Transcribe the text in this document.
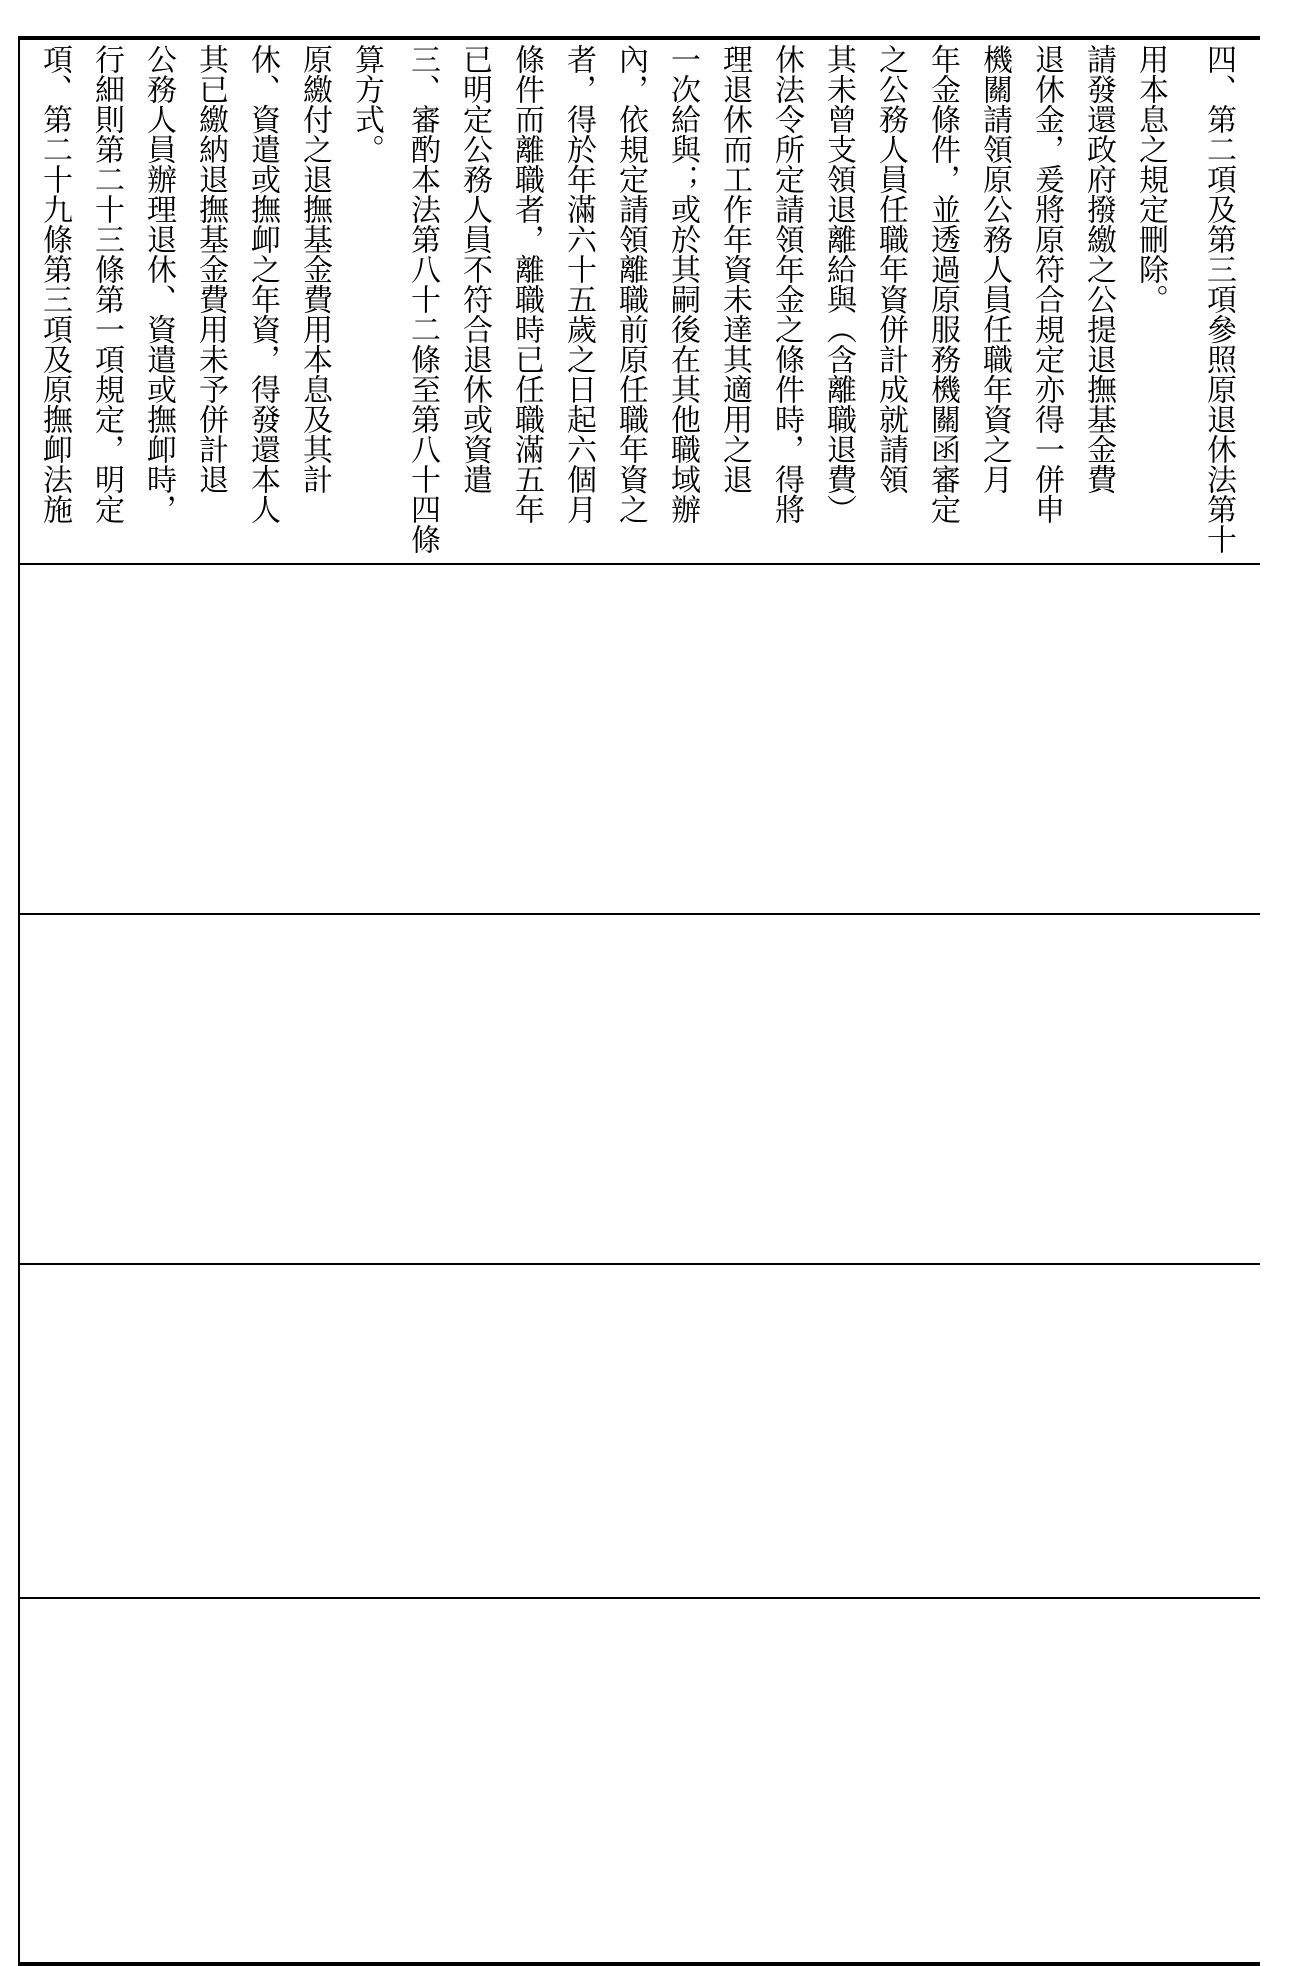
項、第二十九條第三項及原撫卹法施 行細則第二十三條第一項規定，明定 公務人員辦理退休、資遣或撫卹時， 其已繳納退撫基金費用未予併計退 休、資遣或撫卹之年資，得發還本人 原繳付之退撫基金費用本息及其計 算方式。 三、審酌本法第八十二條至第八十四條 已明定公務人員不符合退休或資遣 條件而離職者，離職時已任職滿五年 者，得於年滿六十五歲之日起六個月 內，依規定請領離職前原任職年資之 一次給與；或於其嗣後在其他職域辦 理退休而工作年資未達其適用之退 休法令所定請領年金之條件時，得將 其未曾支領退離給與（含離職退費） 之公務人員任職年資併計成就請領 年金條件，並透過原服務機關函審定 機關請領原公務人員任職年資之月 退休金，爰將原符合規定亦得一併申 請發還政府撥繳之公提退撫基金費 用本息之規定刪除。 四、第二項及第三項參照原退休法第十
